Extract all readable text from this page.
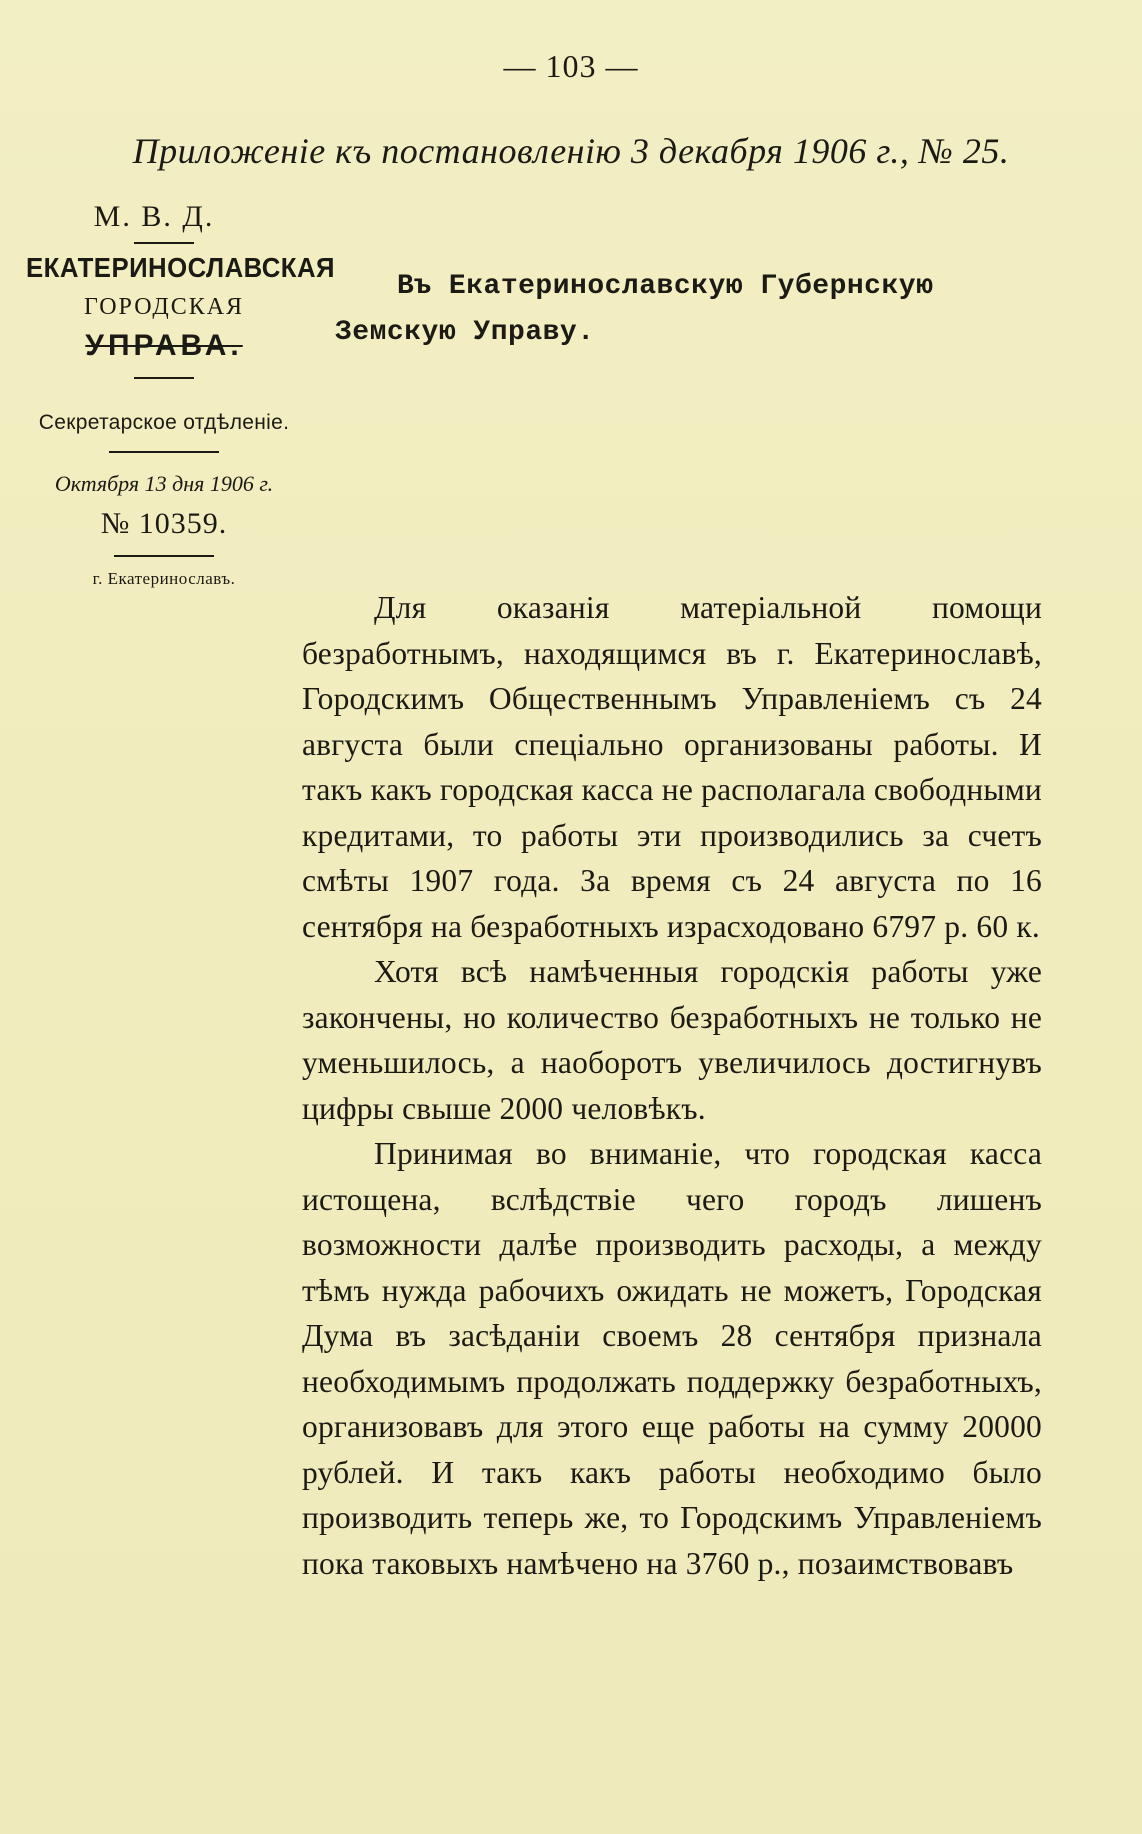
— 103 —
Приложеніе къ постановленію 3 декабря 1906 г., № 25.
М. В. Д.
ЕКАТЕРИНОСЛАВСКАЯ
ГОРОДСКАЯ
УПРАВА.
Секретарское отдѣленіе.
Октября 13 дня 1906 г.
№ 10359.
г. Екатеринославъ.
Въ Екатеринославскую Губернскую
Земскую Управу.

Для оказанія матеріальной помощи безработнымъ, находящимся въ г. Екатеринославѣ, Городскимъ Общественнымъ Управленіемъ съ 24 августа были спеціально организованы работы. И такъ какъ городская касса не располагала свободными кредитами, то работы эти производились за счетъ смѣты 1907 года. За время съ 24 августа по 16 сентября на безработныхъ израсходовано 6797 р. 60 к.

Хотя всѣ намѣченныя городскія работы уже закончены, но количество безработныхъ не только не уменьшилось, а наоборотъ увеличилось достигнувъ цифры свыше 2000 человѣкъ.

Принимая во вниманіе, что городская касса истощена, вслѣдствіе чего городъ лишенъ возможности далѣе производить расходы, а между тѣмъ нужда рабочихъ ожидать не можетъ, Городская Дума въ засѣданіи своемъ 28 сентября признала необходимымъ продолжать поддержку безработныхъ, организовавъ для этого еще работы на сумму 20000 рублей. И такъ какъ работы необходимо было производить теперь же, то Городскимъ Управленіемъ пока таковыхъ намѣчено на 3760 р., позаимствовавъ
